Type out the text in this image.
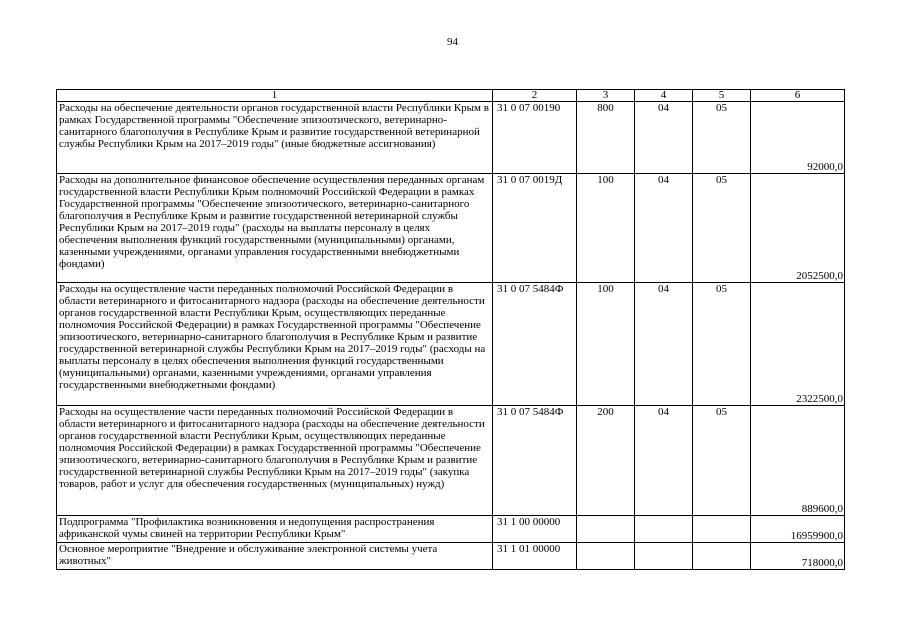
94
1	2	3	4	5	6
Расходы на обеспечение деятельности органов государственной власти Республики Крым в рамках Государственной программы "Обеспечение эпизоотического, ветеринарно-санитарного благополучия в Республике Крым и развитие государственной ветеринарной службы Республики Крым на 2017–2019 годы" (иные бюджетные ассигнования)	31 0 07 00190	800	04	05	92000,0
Расходы на дополнительное финансовое обеспечение осуществления переданных органам государственной власти Республики Крым полномочий Российской Федерации в рамках Государственной программы "Обеспечение эпизоотического, ветеринарно-санитарного благополучия в Республике Крым и развитие государственной ветеринарной службы Республики Крым на 2017–2019 годы" (расходы на выплаты персоналу в целях обеспечения выполнения функций государственными (муниципальными) органами, казенными учреждениями, органами управления государственными внебюджетными фондами)	31 0 07 0019Д	100	04	05	2052500,0
Расходы на осуществление части переданных полномочий Российской Федерации в области ветеринарного и фитосанитарного надзора (расходы на обеспечение деятельности органов государственной власти Республики Крым, осуществляющих переданные полномочия Российской Федерации) в рамках Государственной программы "Обеспечение эпизоотического, ветеринарно-санитарного благополучия в Республике Крым и развитие государственной ветеринарной службы Республики Крым на 2017–2019 годы" (расходы на выплаты персоналу в целях обеспечения выполнения функций государственными (муниципальными) органами, казенными учреждениями, органами управления государственными внебюджетными фондами)	31 0 07 5484Ф	100	04	05	2322500,0
Расходы на осуществление части переданных полномочий Российской Федерации в области ветеринарного и фитосанитарного надзора (расходы на обеспечение деятельности органов государственной власти Республики Крым, осуществляющих переданные полномочия Российской Федерации) в рамках Государственной программы "Обеспечение эпизоотического, ветеринарно-санитарного благополучия в Республике Крым и развитие государственной ветеринарной службы Республики Крым на 2017–2019 годы" (закупка товаров, работ и услуг для обеспечения государственных (муниципальных) нужд)	31 0 07 5484Ф	200	04	05	889600,0
Подпрограмма "Профилактика возникновения и недопущения распространения африканской чумы свиней на территории Республики Крым"	31 1 00 00000				16959900,0
Основное мероприятие "Внедрение и обслуживание электронной системы учета животных"	31 1 01 00000				718000,0
